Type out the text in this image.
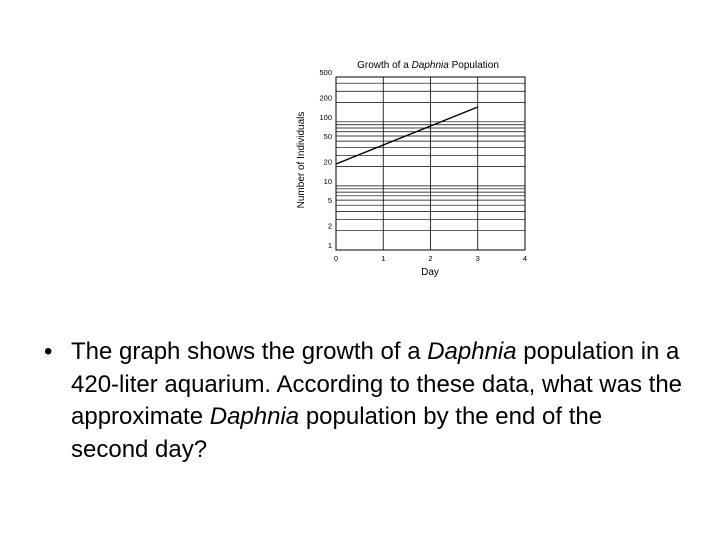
Growth of a Daphnia Population
1
2
5
10
20
50
100
200
500
0	1	2	3	4
Day
Number of Individuals
• The graph shows the growth of a Daphnia population in a 420-liter aquarium. According to these data, what was the approximate Daphnia population by the end of the second day?
